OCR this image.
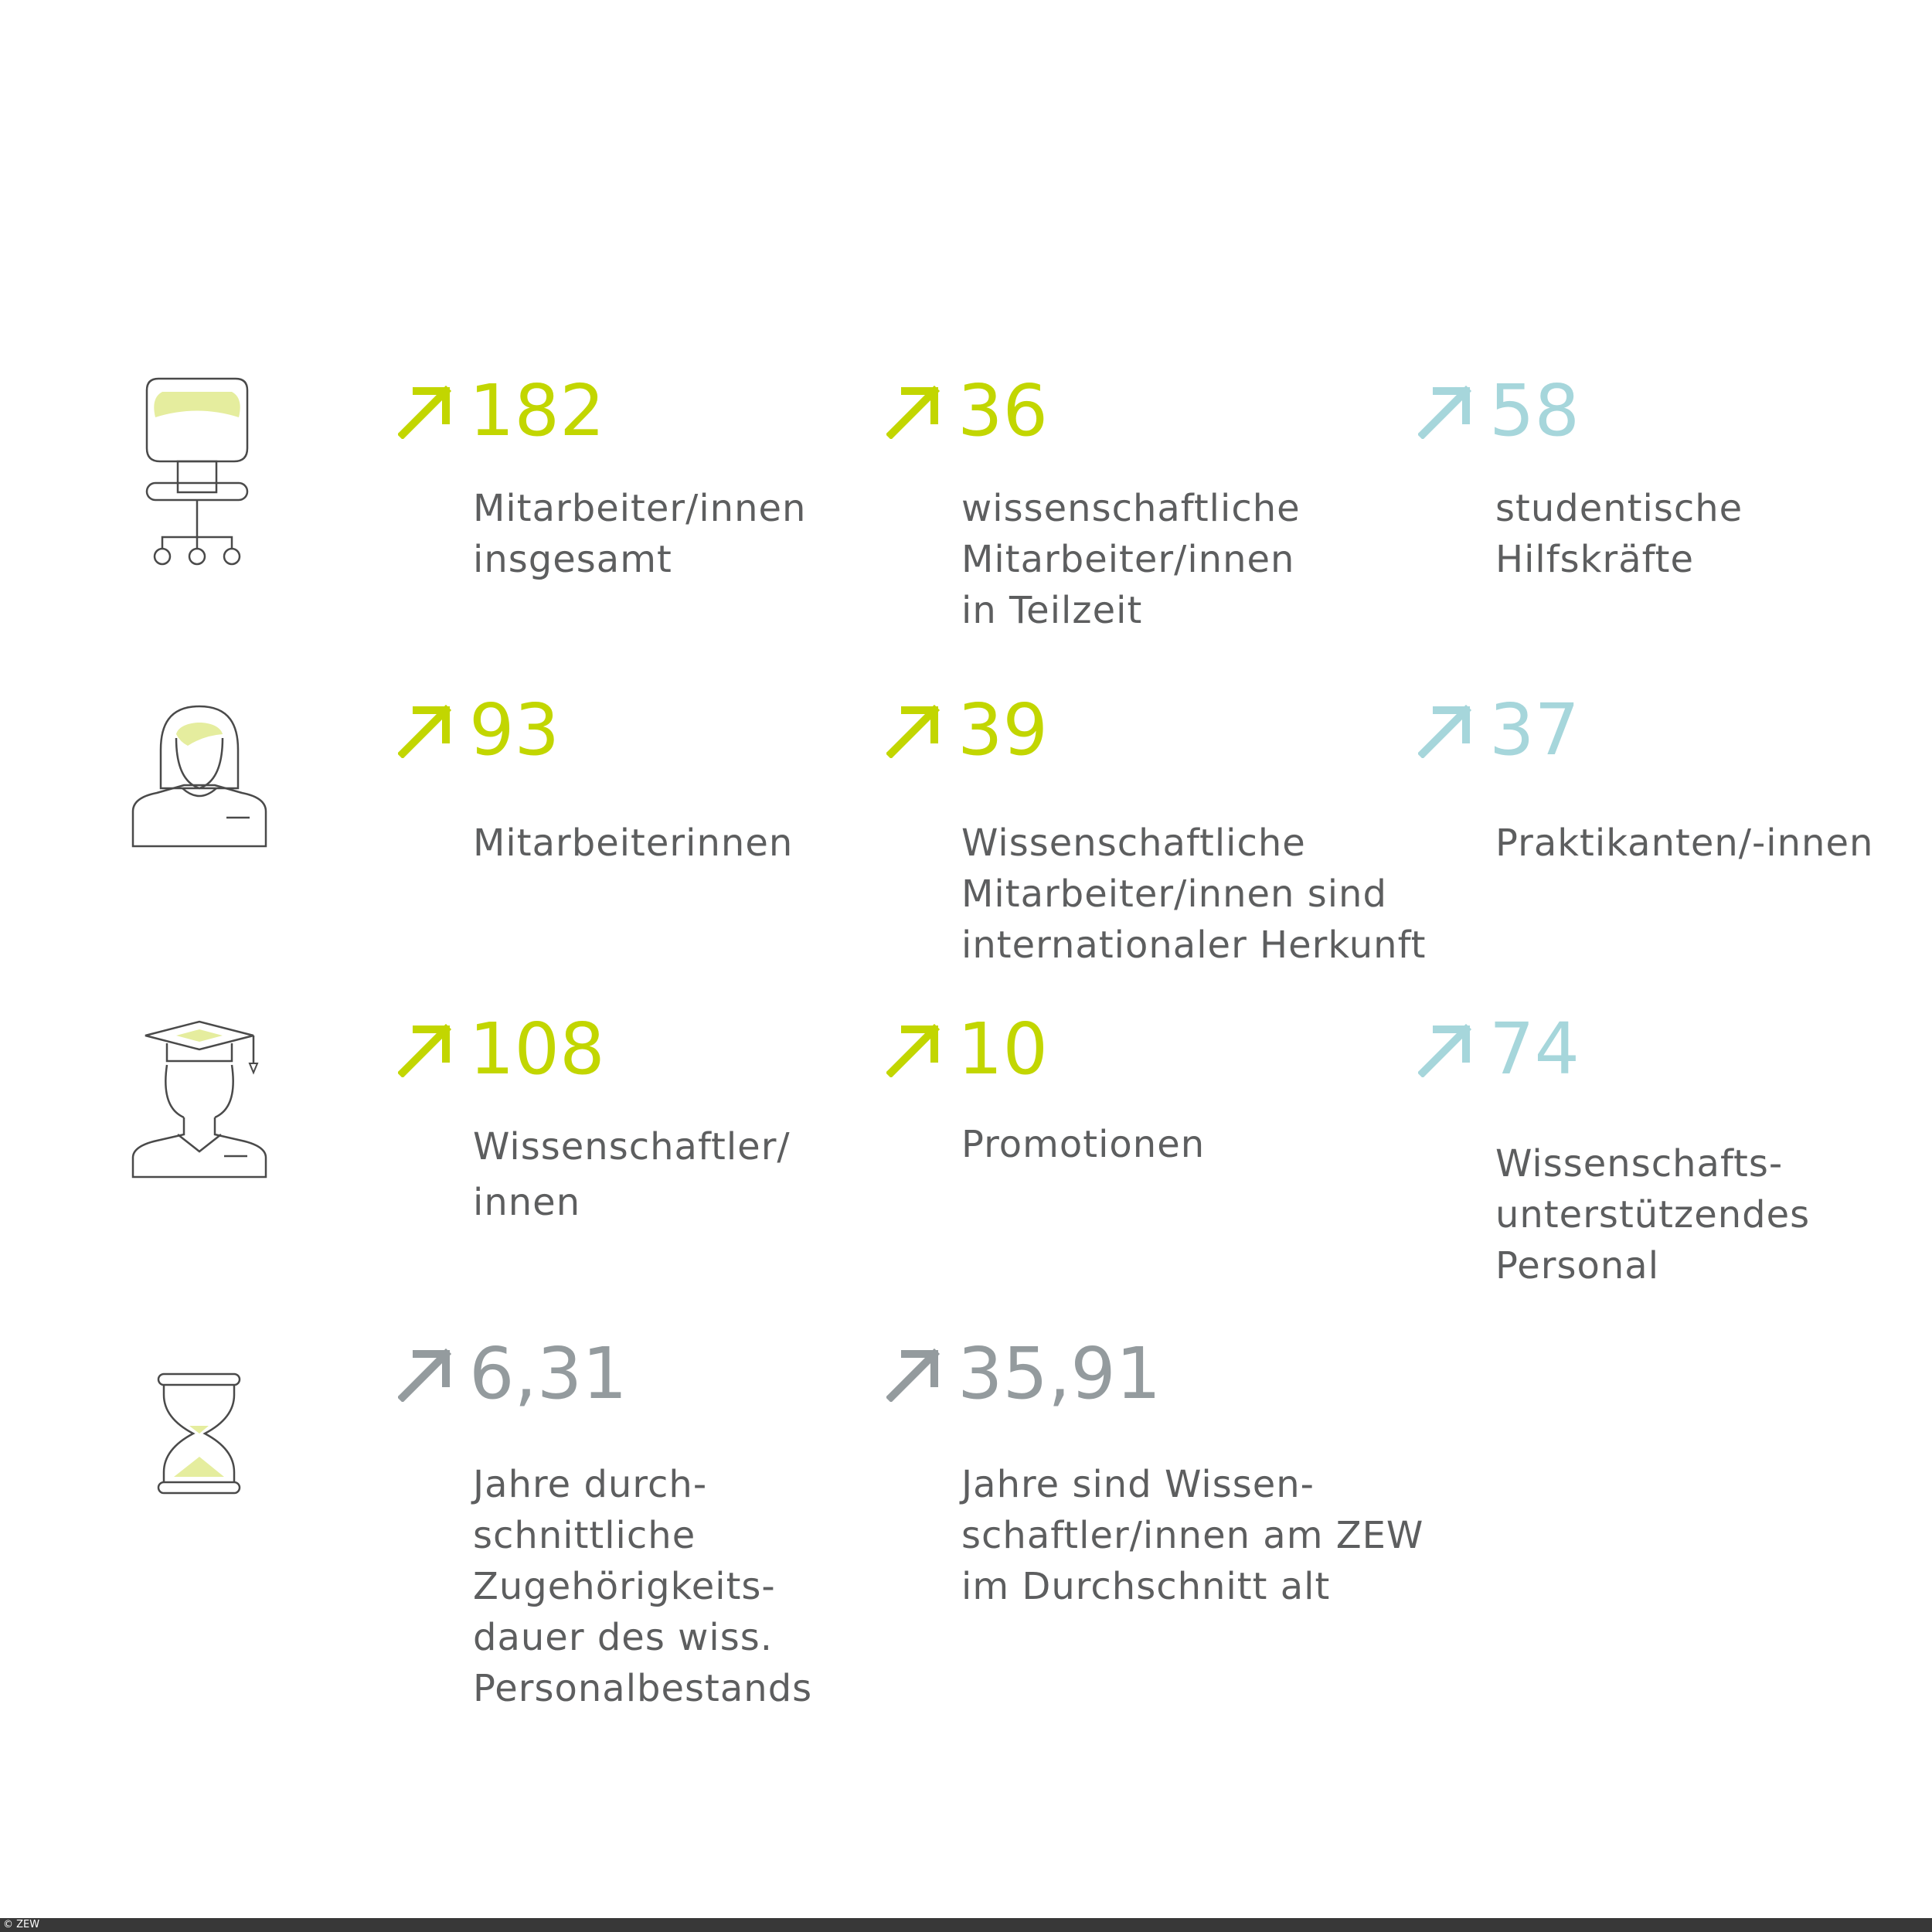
182
Mitarbeiter/innen
insgesamt
36
wissenschaftliche
Mitarbeiter/innen
in Teilzeit
58
studentische
Hilfskräfte
93
Mitarbeiterinnen
39
Wissenschaftliche
Mitarbeiter/innen sind
internationaler Herkunft
37
Praktikanten/-innen
108
Wissenschaftler/
innen
10
Promotionen
74
Wissenschafts-
unterstützendes
Personal
6,31
Jahre durch-
schnittliche
Zugehörigkeits-
dauer des wiss.
Personalbestands
35,91
Jahre sind Wissen-
schaftler/innen am ZEW
im Durchschnitt alt
© ZEW
